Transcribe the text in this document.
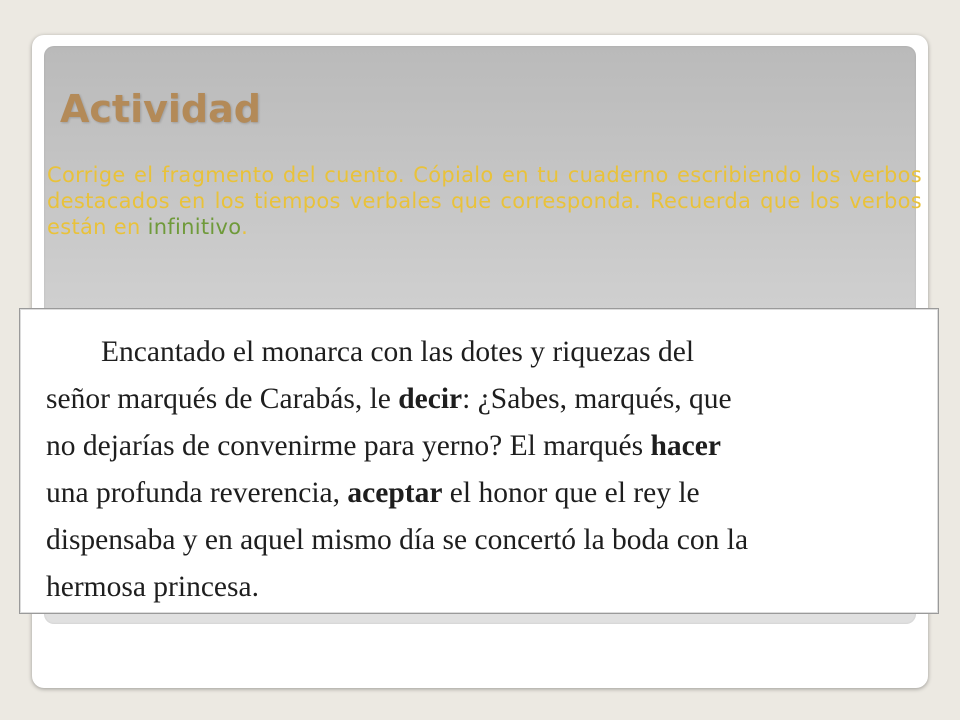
Actividad

Corrige el fragmento del cuento. Cópialo en tu cuaderno escribiendo los verbos destacados en los tiempos verbales que corresponda. Recuerda que los verbos están en infinitivo.

Encantado el monarca con las dotes y riquezas del
señor marqués de Carabás, le decir: ¿Sabes, marqués, que
no dejarías de convenirme para yerno? El marqués hacer
una profunda reverencia, aceptar el honor que el rey le
dispensaba y en aquel mismo día se concertó la boda con la
hermosa princesa.
